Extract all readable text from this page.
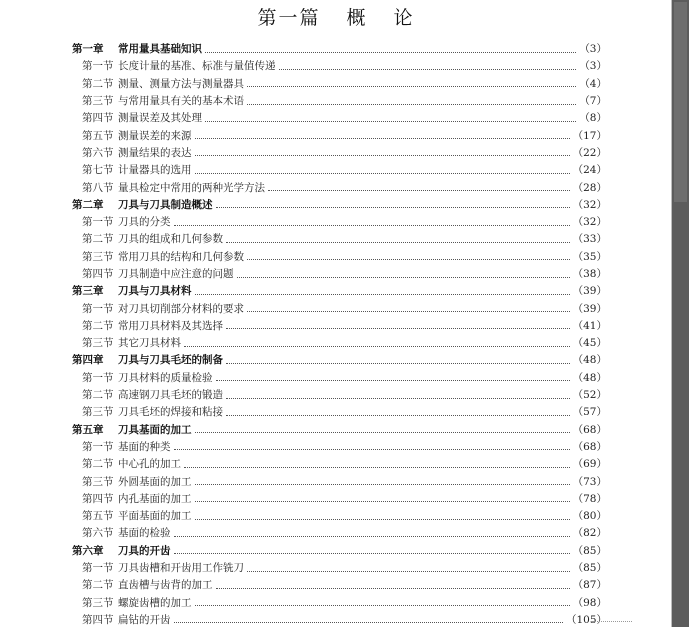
第一篇 概 论
第一章	常用量具基础知识	（3）
第一节 长度计量的基准、标准与量值传递	（3）
第二节 测量、测量方法与测量器具	（4）
第三节 与常用量具有关的基本术语	（7）
第四节 测量误差及其处理	（8）
第五节 测量误差的来源	（17）
第六节 测量结果的表达	（22）
第七节 计量器具的选用	（24）
第八节 量具检定中常用的两种光学方法	（28）
第二章	刀具与刀具制造概述	（32）
第一节 刀具的分类	（32）
第二节 刀具的组成和几何参数	（33）
第三节 常用刀具的结构和几何参数	（35）
第四节 刀具制造中应注意的问题	（38）
第三章	刀具与刀具材料	（39）
第一节 对刀具切削部分材料的要求	（39）
第二节 常用刀具材料及其选择	（41）
第三节 其它刀具材料	（45）
第四章	刀具与刀具毛坯的制备	（48）
第一节 刀具材料的质量检验	（48）
第二节 高速钢刀具毛坯的锻造	（52）
第三节 刀具毛坯的焊接和粘接	（57）
第五章	刀具基面的加工	（68）
第一节 基面的种类	（68）
第二节 中心孔的加工	（69）
第三节 外圆基面的加工	（73）
第四节 内孔基面的加工	（78）
第五节 平面基面的加工	（80）
第六节 基面的检验	（82）
第六章	刀具的开齿	（85）
第一节 刀具齿槽和开齿用工作铣刀	（85）
第二节 直齿槽与齿背的加工	（87）
第三节 螺旋齿槽的加工	（98）
第四节 扁钻的开齿	（105）
